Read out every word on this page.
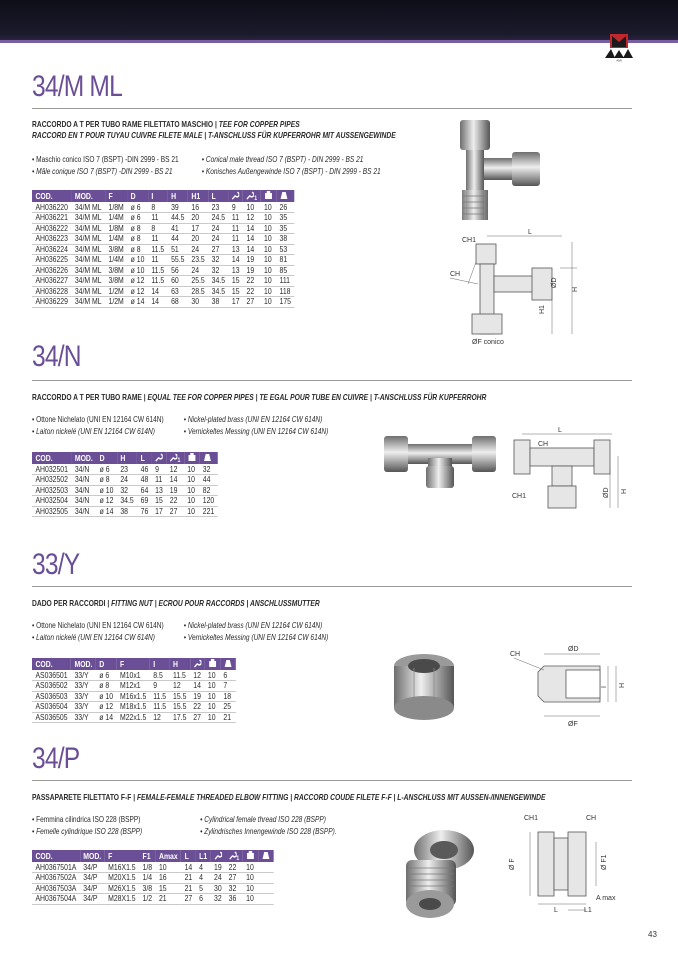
AMI
34/M ML
RACCORDO A T PER TUBO RAME FILETTATO MASCHIO | TEE FOR COPPER PIPES
RACCORD EN T POUR TUYAU CUIVRE FILETE MALE | T-ANSCHLUSS FÜR KUPFERROHR MIT AUSSENGEWINDE
• Maschio conico ISO 7 (BSPT) -DIN 2999 - BS 21	• Conical male thread ISO 7 (BSPT) - DIN 2999 - BS 21
• Mâle conique ISO 7 (BSPT) -DIN 2999 - BS 21	• Konisches Außengewinde ISO 7 (BSPT) - DIN 2999 - BS 21
COD.	MOD.	F	D	I	H	H1	L		1		
AH036220	34/M ML	1/8M	ø 6	8	39	16	23	9	10	10	26
AH036221	34/M ML	1/4M	ø 6	11	44.5	20	24.5	11	12	10	35
AH036222	34/M ML	1/8M	ø 8	8	41	17	24	11	14	10	35
AH036223	34/M ML	1/4M	ø 8	11	44	20	24	11	14	10	38
AH036224	34/M ML	3/8M	ø 8	11.5	51	24	27	13	14	10	53
AH036225	34/M ML	1/4M	ø 10	11	55.5	23.5	32	14	19	10	81
AH036226	34/M ML	3/8M	ø 10	11.5	56	24	32	13	19	10	85
AH036227	34/M ML	3/8M	ø 12	11.5	60	25.5	34.5	15	22	10	111
AH036228	34/M ML	1/2M	ø 12	14	63	28.5	34.5	15	22	10	118
AH036229	34/M ML	1/2M	ø 14	14	68	30	38	17	27	10	175
CH1
CH
L
ØD
H
H1
ØF conico
34/N
RACCORDO A T PER TUBO RAME | EQUAL TEE FOR COPPER PIPES | TE EGAL POUR TUBE EN CUIVRE | T-ANSCHLUSS FÜR KUPFERROHR
• Ottone Nichelato (UNI EN 12164 CW 614N) • Nickel-plated brass (UNI EN 12164 CW 614N)
• Laiton nickelé (UNI EN 12164 CW 614N)	• Vernickeltes Messing (UNI EN 12164 CW 614N)
COD.	MOD.	D	H	L		1		
AH032501	34/N	ø 6	23	46	9	12	10	32
AH032502	34/N	ø 8	24	48	11	14	10	44
AH032503	34/N	ø 10	32	64	13	19	10	82
AH032504	34/N	ø 12	34.5	69	15	22	10	120
AH032505	34/N	ø 14	38	76	17	27	10	221
L
CH
CH1	ØD H
33/Y
DADO PER RACCORDI | FITTING NUT | ECROU POUR RACCORDS | ANSCHLUSSMUTTER
• Ottone Nichelato (UNI EN 12164 CW 614N) • Nickel-plated brass (UNI EN 12164 CW 614N)
• Laiton nickelé (UNI EN 12164 CW 614N)	• Vernickeltes Messing (UNI EN 12164 CW 614N)
COD.	MOD.	D	F	I	H			
AS036501	33/Y	ø 6	M10x1	8.5	11.5	12	10	6
AS036502	33/Y	ø 8	M12x1	9	12	14	10	7
AS036503	33/Y	ø 10	M16x1.5	11.5	15.5	19	10	18
AS036504	33/Y	ø 12	M18x1.5	11.5	15.5	22	10	25
AS036505	33/Y	ø 14	M22x1.5	12	17.5	27	10	21
CH
ØD
I H
ØF
34/P
PASSAPARETE FILETTATO F-F | FEMALE-FEMALE THREADED ELBOW FITTING | RACCORD COUDE FILETE F-F | L-ANSCHLUSS MIT AUSSEN-/INNENGEWINDE
• Femmina cilindrica ISO 228 (BSPP)	• Cylindrical female thread ISO 228 (BSPP)
• Femelle cylindrique ISO 228 (BSPP)	• Zylindrisches Innengewinde ISO 228 (BSPP).
COD.	MOD.	F	F1	Amax	L	L1		1		
AH0367501A	34/P	M16X1.5	1/8	10	14	4	19	22	10	
AH0367502A	34/P	M20X1.5	1/4	16	21	4	24	27	10	
AH0367503A	34/P	M26X1.5	3/8	15	21	5	30	32	10	
AH0367504A	34/P	M28X1.5	1/2	21	27	6	32	36	10	
CH1	CH
Ø F	Ø F1
A max
L	L1
43
